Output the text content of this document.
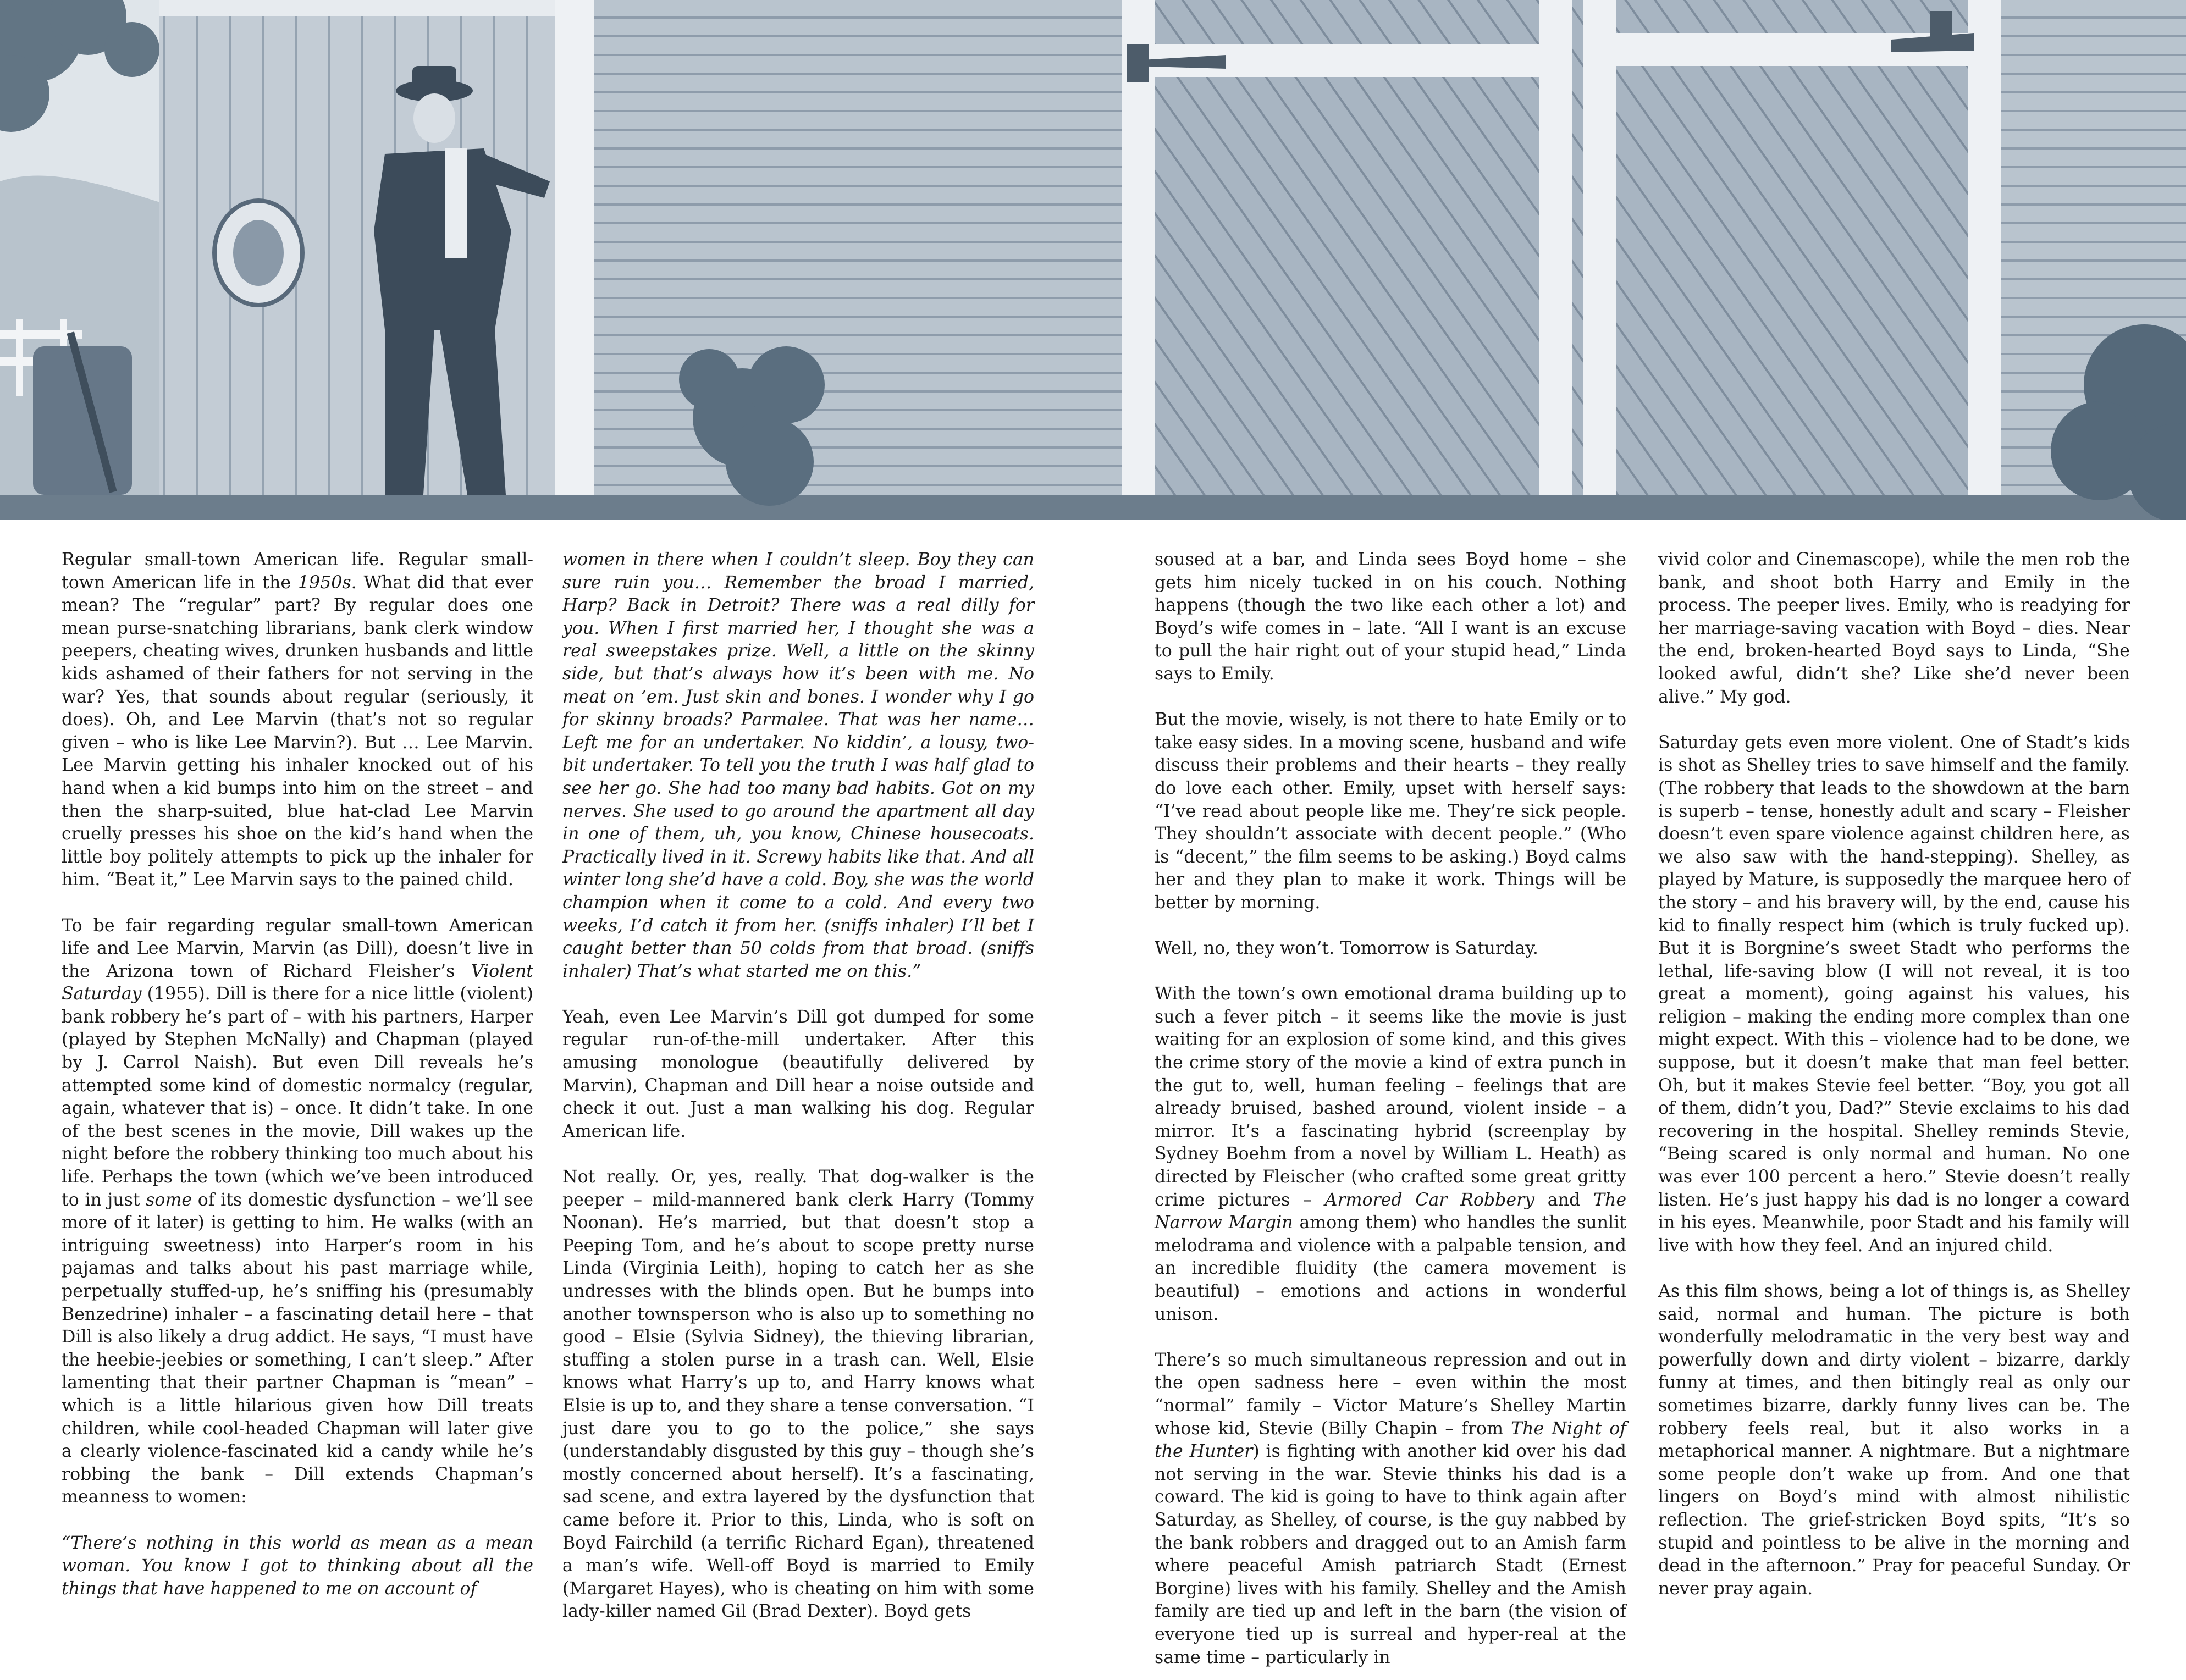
Regular small-town American life. Regular small-town American life in the 1950s. What did that ever mean? The “regular” part? By regular does one mean purse-snatching librarians, bank clerk window peepers, cheating wives, drunken husbands and little kids ashamed of their fathers for not serving in the war? Yes, that sounds about regular (seriously, it does). Oh, and Lee Marvin (that’s not so regular given – who is like Lee Marvin?). But … Lee Marvin. Lee Marvin getting his inhaler knocked out of his hand when a kid bumps into him on the street – and then the sharp-suited, blue hat-clad Lee Marvin cruelly presses his shoe on the kid’s hand when the little boy politely attempts to pick up the inhaler for him. “Beat it,” Lee Marvin says to the pained child.

To be fair regarding regular small-town American life and Lee Marvin, Marvin (as Dill), doesn’t live in the Arizona town of Richard Fleisher’s Violent Saturday (1955). Dill is there for a nice little (violent) bank robbery he’s part of – with his partners, Harper (played by Stephen McNally) and Chapman (played by J. Carrol Naish). But even Dill reveals he’s attempted some kind of domestic normalcy (regular, again, whatever that is) – once. It didn’t take. In one of the best scenes in the movie, Dill wakes up the night before the robbery thinking too much about his life. Perhaps the town (which we’ve been introduced to in just some of its domestic dysfunction – we’ll see more of it later) is getting to him. He walks (with an intriguing sweetness) into Harper’s room in his pajamas and talks about his past marriage while, perpetually stuffed-up, he’s sniffing his (presumably Benzedrine) inhaler – a fascinating detail here – that Dill is also likely a drug addict. He says, “I must have the heebie-jeebies or something, I can’t sleep.” After lamenting that their partner Chapman is “mean” – which is a little hilarious given how Dill treats children, while cool-headed Chapman will later give a clearly violence-fascinated kid a candy while he’s robbing the bank – Dill extends Chapman’s meanness to women:

“There’s nothing in this world as mean as a mean woman. You know I got to thinking about all the things that have happened to me on account of

women in there when I couldn’t sleep. Boy they can sure ruin you… Remember the broad I married, Harp? Back in Detroit? There was a real dilly for you. When I first married her, I thought she was a real sweepstakes prize. Well, a little on the skinny side, but that’s always how it’s been with me. No meat on ’em. Just skin and bones. I wonder why I go for skinny broads? Parmalee. That was her name… Left me for an undertaker. No kiddin’, a lousy, two-bit undertaker. To tell you the truth I was half glad to see her go. She had too many bad habits. Got on my nerves. She used to go around the apartment all day in one of them, uh, you know, Chinese housecoats. Practically lived in it. Screwy habits like that. And all winter long she’d have a cold. Boy, she was the world champion when it come to a cold. And every two weeks, I’d catch it from her. (sniffs inhaler) I’ll bet I caught better than 50 colds from that broad. (sniffs inhaler) That’s what started me on this.”

Yeah, even Lee Marvin’s Dill got dumped for some regular run-of-the-mill undertaker. After this amusing monologue (beautifully delivered by Marvin), Chapman and Dill hear a noise outside and check it out. Just a man walking his dog. Regular American life.

Not really. Or, yes, really. That dog-walker is the peeper – mild-mannered bank clerk Harry (Tommy Noonan). He’s married, but that doesn’t stop a Peeping Tom, and he’s about to scope pretty nurse Linda (Virginia Leith), hoping to catch her as she undresses with the blinds open. But he bumps into another townsperson who is also up to something no good – Elsie (Sylvia Sidney), the thieving librarian, stuffing a stolen purse in a trash can. Well, Elsie knows what Harry’s up to, and Harry knows what Elsie is up to, and they share a tense conversation. “I just dare you to go to the police,” she says (understandably disgusted by this guy – though she’s mostly concerned about herself). It’s a fascinating, sad scene, and extra layered by the dysfunction that came before it. Prior to this, Linda, who is soft on Boyd Fairchild (a terrific Richard Egan), threatened a man’s wife. Well-off Boyd is married to Emily (Margaret Hayes), who is cheating on him with some lady-killer named Gil (Brad Dexter). Boyd gets

soused at a bar, and Linda sees Boyd home – she gets him nicely tucked in on his couch. Nothing happens (though the two like each other a lot) and Boyd’s wife comes in – late. “All I want is an excuse to pull the hair right out of your stupid head,” Linda says to Emily.

But the movie, wisely, is not there to hate Emily or to take easy sides. In a moving scene, husband and wife discuss their problems and their hearts – they really do love each other. Emily, upset with herself says: “I’ve read about people like me. They’re sick people. They shouldn’t associate with decent people.” (Who is “decent,” the film seems to be asking.) Boyd calms her and they plan to make it work. Things will be better by morning.

Well, no, they won’t. Tomorrow is Saturday.

With the town’s own emotional drama building up to such a fever pitch – it seems like the movie is just waiting for an explosion of some kind, and this gives the crime story of the movie a kind of extra punch in the gut to, well, human feeling – feelings that are already bruised, bashed around, violent inside – a mirror. It’s a fascinating hybrid (screenplay by Sydney Boehm from a novel by William L. Heath) as directed by Fleischer (who crafted some great gritty crime pictures – Armored Car Robbery and The Narrow Margin among them) who handles the sunlit melodrama and violence with a palpable tension, and an incredible fluidity (the camera movement is beautiful) – emotions and actions in wonderful unison.

There’s so much simultaneous repression and out in the open sadness here – even within the most “normal” family – Victor Mature’s Shelley Martin whose kid, Stevie (Billy Chapin – from The Night of the Hunter) is fighting with another kid over his dad not serving in the war. Stevie thinks his dad is a coward. The kid is going to have to think again after Saturday, as Shelley, of course, is the guy nabbed by the bank robbers and dragged out to an Amish farm where peaceful Amish patriarch Stadt (Ernest Borgine) lives with his family. Shelley and the Amish family are tied up and left in the barn (the vision of everyone tied up is surreal and hyper-real at the same time – particularly in

vivid color and Cinemascope), while the men rob the bank, and shoot both Harry and Emily in the process. The peeper lives. Emily, who is readying for her marriage-saving vacation with Boyd – dies. Near the end, broken-hearted Boyd says to Linda, “She looked awful, didn’t she? Like she’d never been alive.” My god.

Saturday gets even more violent. One of Stadt’s kids is shot as Shelley tries to save himself and the family. (The robbery that leads to the showdown at the barn is superb – tense, honestly adult and scary – Fleisher doesn’t even spare violence against children here, as we also saw with the hand-stepping). Shelley, as played by Mature, is supposedly the marquee hero of the story – and his bravery will, by the end, cause his kid to finally respect him (which is truly fucked up). But it is Borgnine’s sweet Stadt who performs the lethal, life-saving blow (I will not reveal, it is too great a moment), going against his values, his religion – making the ending more complex than one might expect. With this – violence had to be done, we suppose, but it doesn’t make that man feel better. Oh, but it makes Stevie feel better. “Boy, you got all of them, didn’t you, Dad?” Stevie exclaims to his dad recovering in the hospital. Shelley reminds Stevie, “Being scared is only normal and human. No one was ever 100 percent a hero.” Stevie doesn’t really listen. He’s just happy his dad is no longer a coward in his eyes. Meanwhile, poor Stadt and his family will live with how they feel. And an injured child.

As this film shows, being a lot of things is, as Shelley said, normal and human. The picture is both wonderfully melodramatic in the very best way and powerfully down and dirty violent – bizarre, darkly funny at times, and then bitingly real as only our sometimes bizarre, darkly funny lives can be. The robbery feels real, but it also works in a metaphorical manner. A nightmare. But a nightmare some people don’t wake up from. And one that lingers on Boyd’s mind with almost nihilistic reflection. The grief-stricken Boyd spits, “It’s so stupid and pointless to be alive in the morning and dead in the afternoon.” Pray for peaceful Sunday. Or never pray again.
